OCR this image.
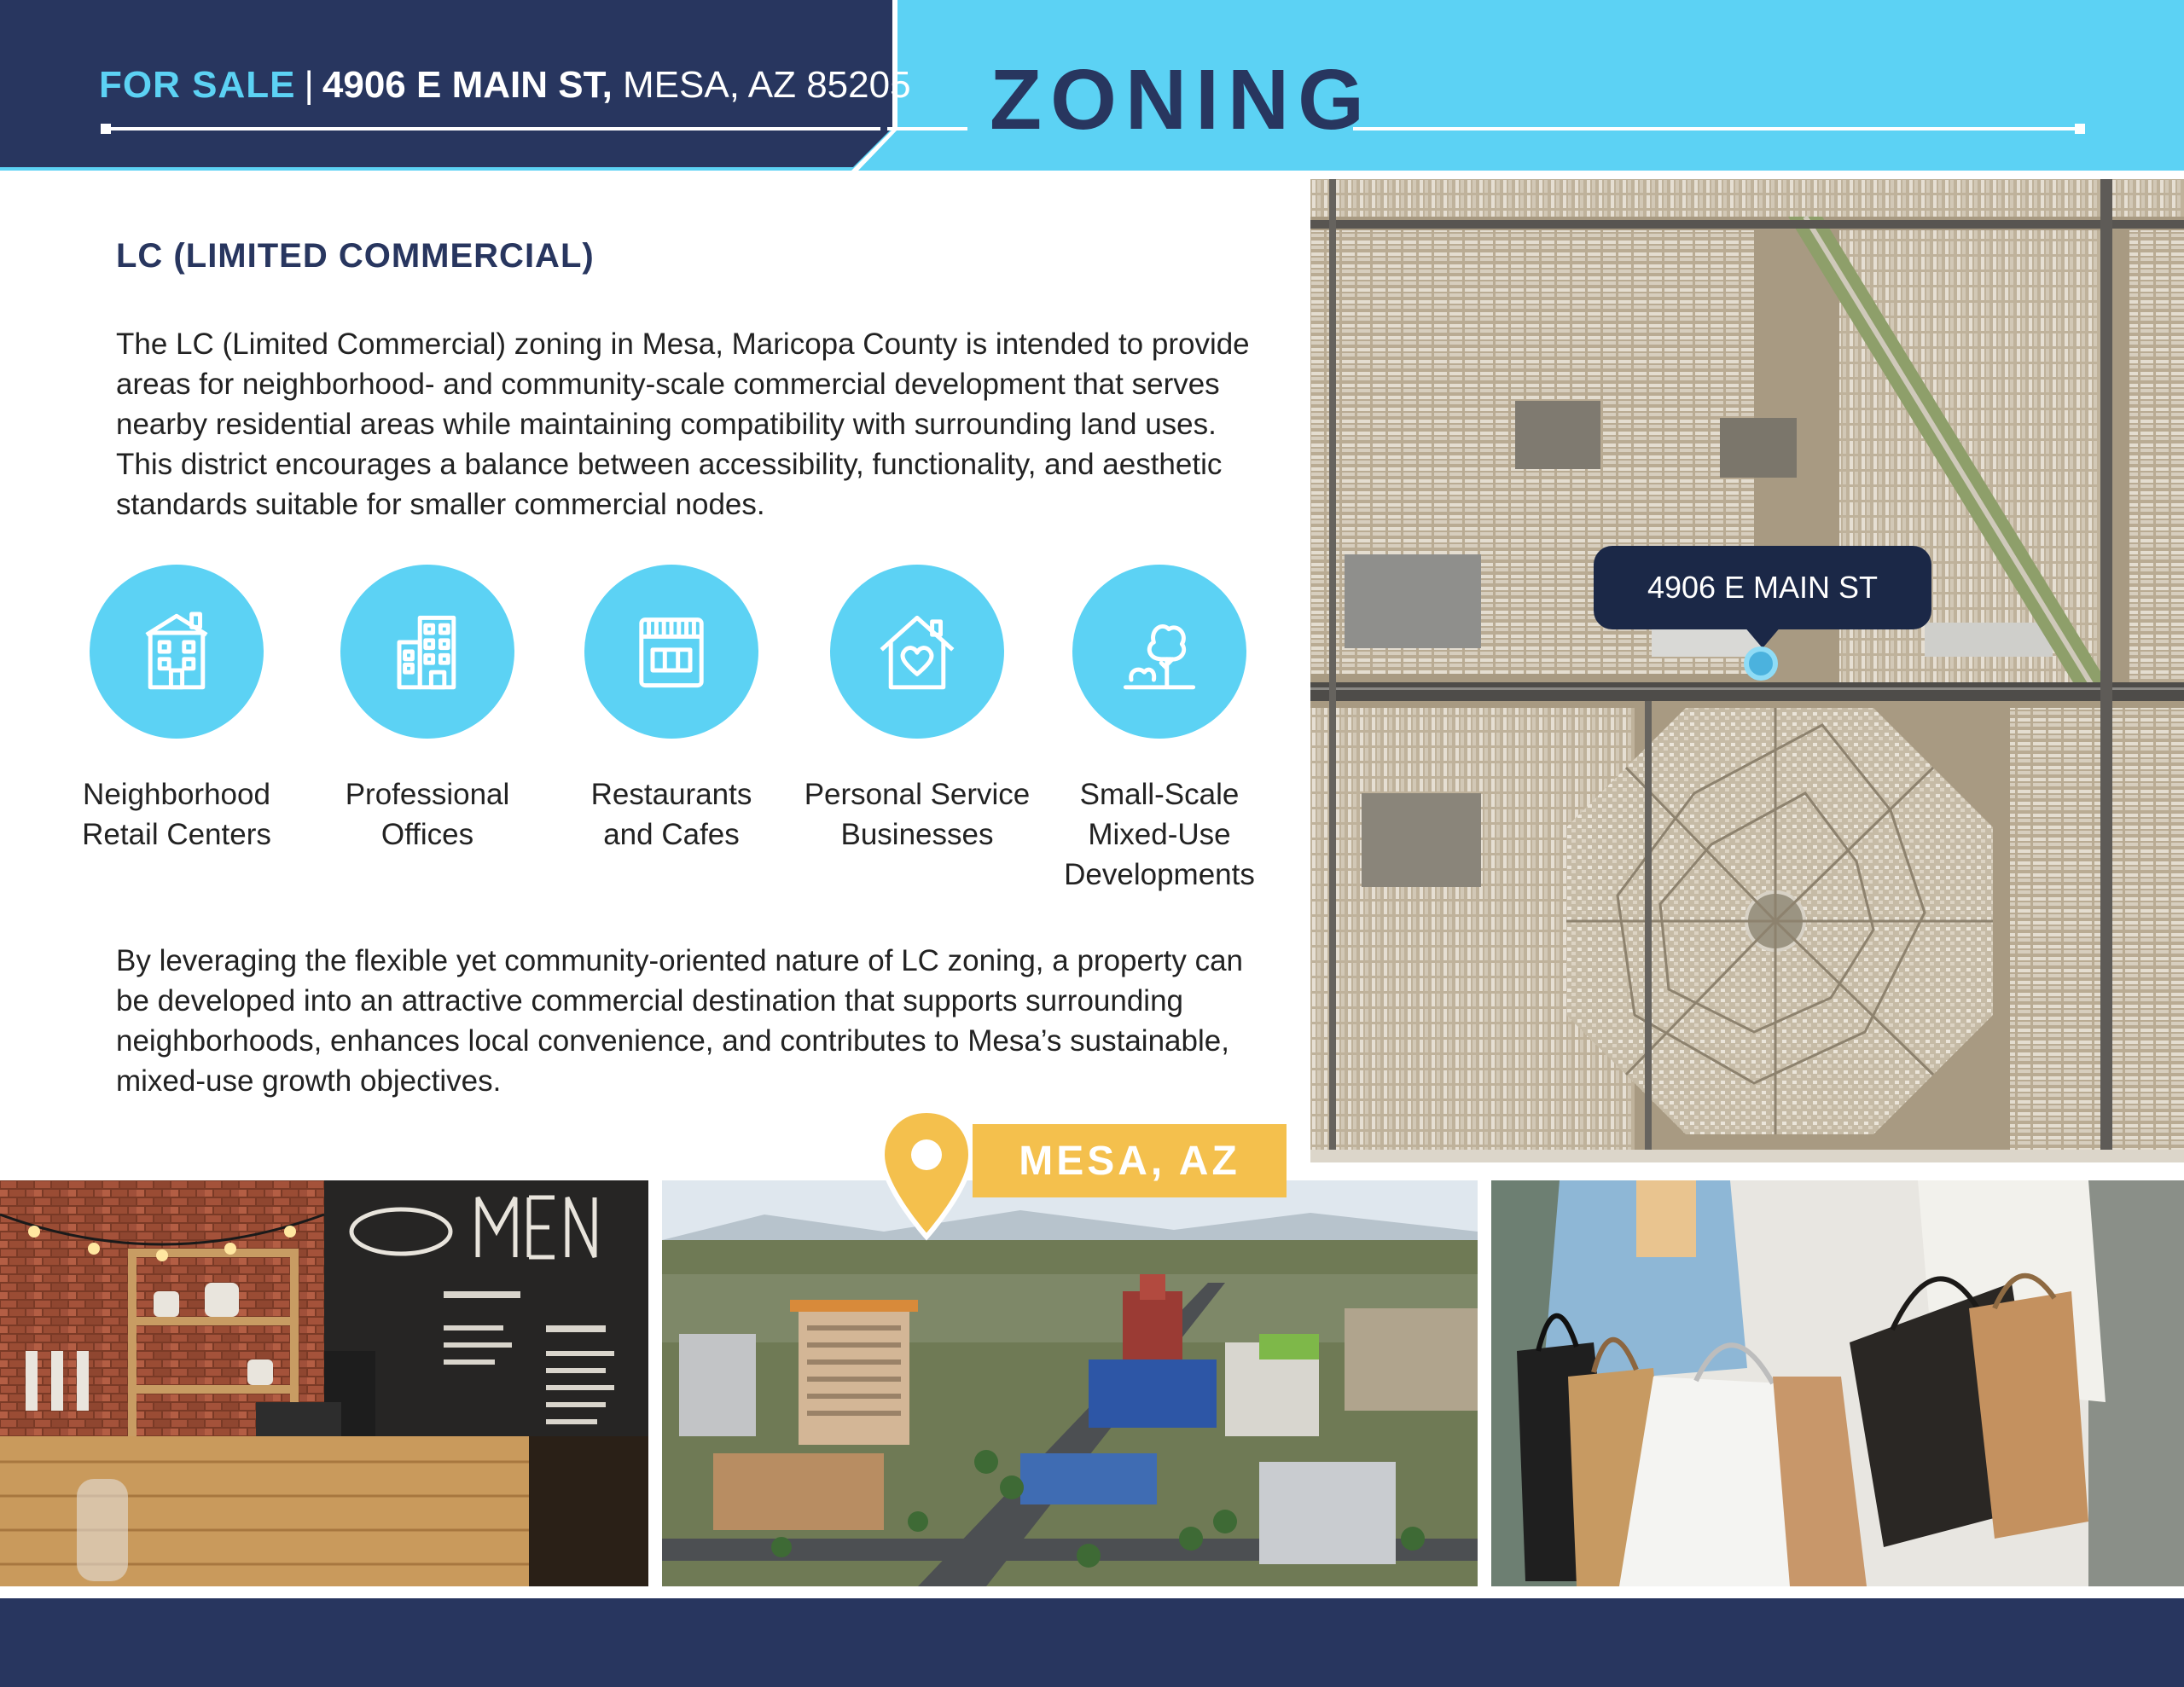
FOR SALE | 4906 E MAIN ST, MESA, AZ 85205 ZONING
LC (LIMITED COMMERCIAL)
The LC (Limited Commercial) zoning in Mesa, Maricopa County is intended to provide areas for neighborhood- and community-scale commercial development that serves nearby residential areas while maintaining compatibility with surrounding land uses. This district encourages a balance between accessibility, functionality, and aesthetic standards suitable for smaller commercial nodes.
Neighborhood
Retail Centers
Professional
Offices
Restaurants
and Cafes
Personal Service
Businesses
Small-Scale
Mixed-Use
Developments
By leveraging the flexible yet community-oriented nature of LC zoning, a property can be developed into an attractive commercial destination that supports surrounding neighborhoods, enhances local convenience, and contributes to Mesa’s sustainable, mixed-use growth objectives.
4906 E MAIN ST
MESA, AZ
